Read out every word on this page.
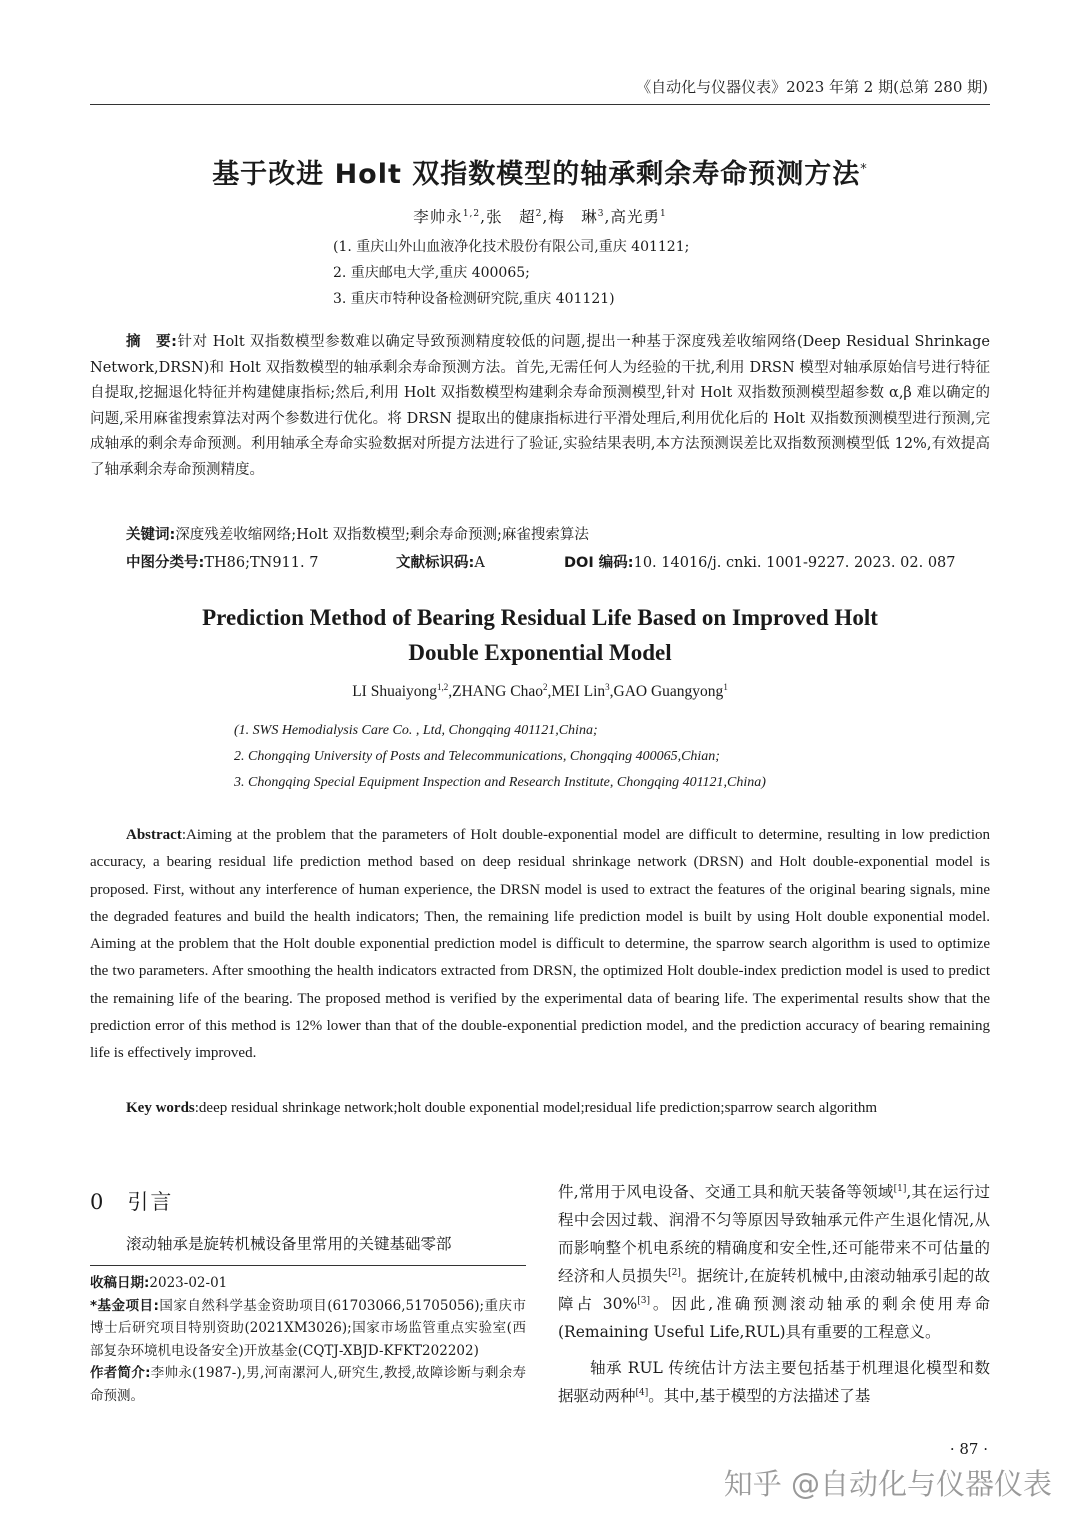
《自动化与仪器仪表》2023 年第 2 期(总第 280 期)
基于改进 Holt 双指数模型的轴承剩余寿命预测方法*
李帅永$^{1,2}$,张　超$^2$,梅　琳$^3$,高光勇$^1$
(1. 重庆山外山血液净化技术股份有限公司,重庆 401121;
2. 重庆邮电大学,重庆 400065;
3. 重庆市特种设备检测研究院,重庆 401121)
摘　要:针对 Holt 双指数模型参数难以确定导致预测精度较低的问题,提出一种基于深度残差收缩网络(Deep Residual Shrinkage Network,DRSN)和 Holt 双指数模型的轴承剩余寿命预测方法。首先,无需任何人为经验的干扰,利用 DRSN 模型对轴承原始信号进行特征自提取,挖掘退化特征并构建健康指标;然后,利用 Holt 双指数模型构建剩余寿命预测模型,针对 Holt 双指数预测模型超参数 α,β 难以确定的问题,采用麻雀搜索算法对两个参数进行优化。将 DRSN 提取出的健康指标进行平滑处理后,利用优化后的 Holt 双指数预测模型进行预测,完成轴承的剩余寿命预测。利用轴承全寿命实验数据对所提方法进行了验证,实验结果表明,本方法预测误差比双指数预测模型低 12%,有效提高了轴承剩余寿命预测精度。
关键词:深度残差收缩网络;Holt 双指数模型;剩余寿命预测;麻雀搜索算法
中图分类号:TH86;TN911. 7	文献标识码:A	DOI 编码:10. 14016/j. cnki. 1001-9227. 2023. 02. 087
Prediction Method of Bearing Residual Life Based on Improved Holt
Double Exponential Model
LI Shuaiyong$^{1,2}$,ZHANG Chao$^2$,MEI Lin$^3$,GAO Guangyong$^1$
(1. SWS Hemodialysis Care Co. , Ltd, Chongqing 401121,China;
2. Chongqing University of Posts and Telecommunications, Chongqing 400065,Chian;
3. Chongqing Special Equipment Inspection and Research Institute, Chongqing 401121,China)
Abstract:Aiming at the problem that the parameters of Holt double-exponential model are difficult to determine, resulting in low prediction accuracy, a bearing residual life prediction method based on deep residual shrinkage network (DRSN) and Holt double-exponential model is proposed. First, without any interference of human experience, the DRSN model is used to extract the features of the original bearing signals, mine the degraded features and build the health indicators; Then, the remaining life prediction model is built by using Holt double exponential model. Aiming at the problem that the Holt double exponential prediction model is difficult to determine, the sparrow search algorithm is used to optimize the two parameters. After smoothing the health indicators extracted from DRSN, the optimized Holt double-index prediction model is used to predict the remaining life of the bearing. The proposed method is verified by the experimental data of bearing life. The experimental results show that the prediction error of this method is 12% lower than that of the double-exponential prediction model, and the prediction accuracy of bearing remaining life is effectively improved.
Key words:deep residual shrinkage network;holt double exponential model;residual life prediction;sparrow search algorithm
0 引言
滚动轴承是旋转机械设备里常用的关键基础零部
收稿日期:2023-02-01
*基金项目:国家自然科学基金资助项目(61703066,51705056);重庆市博士后研究项目特别资助(2021XM3026);国家市场监管重点实验室(西部复杂环境机电设备安全)开放基金(CQTJ-XBJD-KFKT202202)
作者简介:李帅永(1987-),男,河南漯河人,研究生,教授,故障诊断与剩余寿命预测。

件,常用于风电设备、交通工具和航天装备等领域[1],其在运行过程中会因过载、润滑不匀等原因导致轴承元件产生退化情况,从而影响整个机电系统的精确度和安全性,还可能带来不可估量的经济和人员损失[2]。据统计,在旋转机械中,由滚动轴承引起的故障占 30%[3]。因此,准确预测滚动轴承的剩余使用寿命(Remaining Useful Life,RUL)具有重要的工程意义。

轴承 RUL 传统估计方法主要包括基于机理退化模型和数据驱动两种[4]。其中,基于模型的方法描述了基

· 87 ·
知乎 @自动化与仪器仪表
